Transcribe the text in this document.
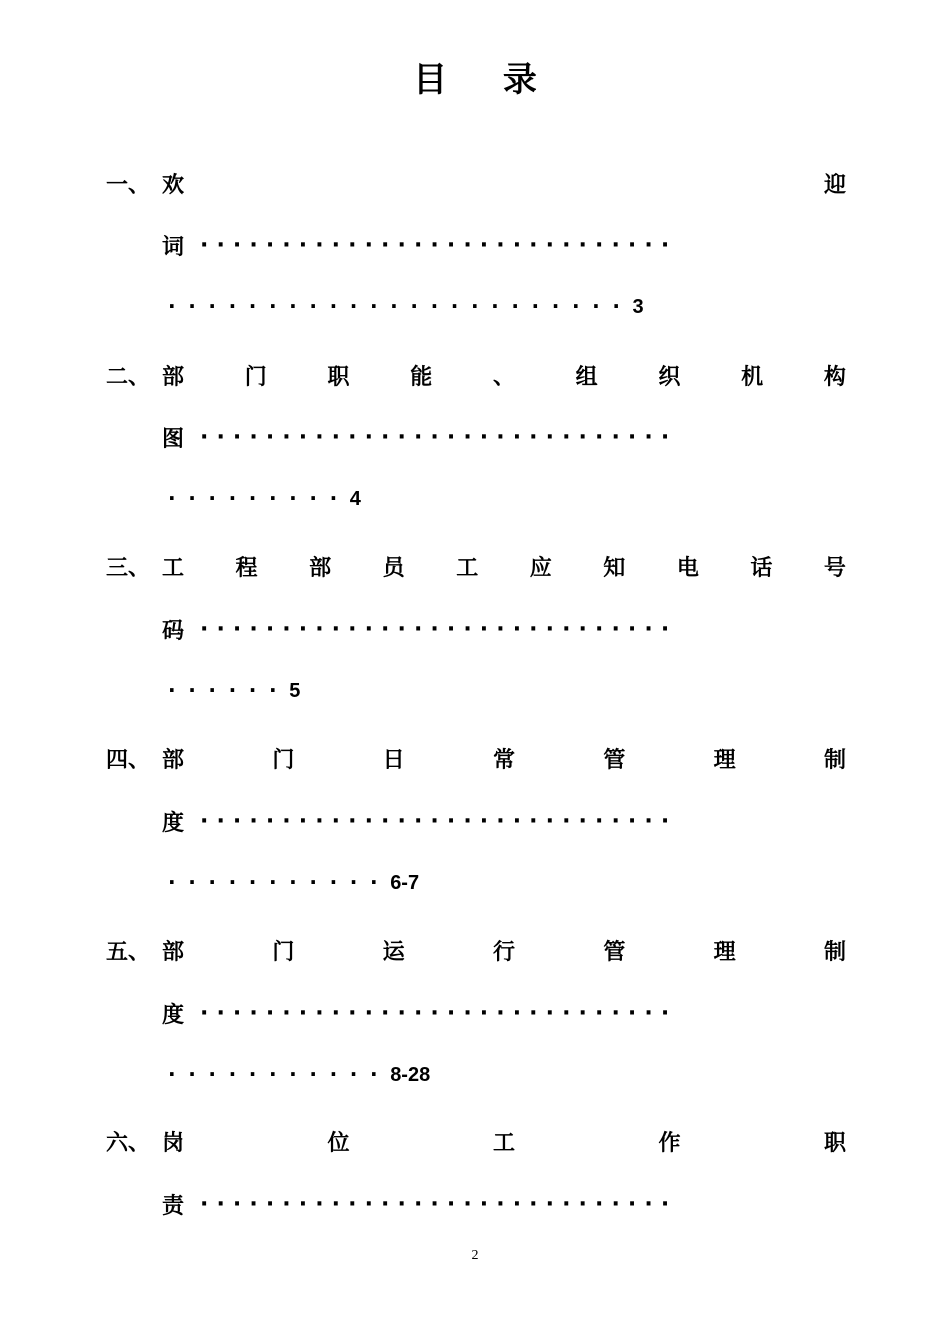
目 录
一、 欢	迎
词 ·····························
·······················3
二、 部	门	职	能	、	组	织	机	构
图 ·····························
·········4
三、 工 程 部 员 工 应 知 电 话 号
码 ·····························
······5
四、 部	门	日	常	管	理	制
度 ·····························
···········6-7
五、 部	门	运	行	管	理	制
度 ·····························
···········8-28
六、 岗	位	工	作	职
责 ·····························
2
